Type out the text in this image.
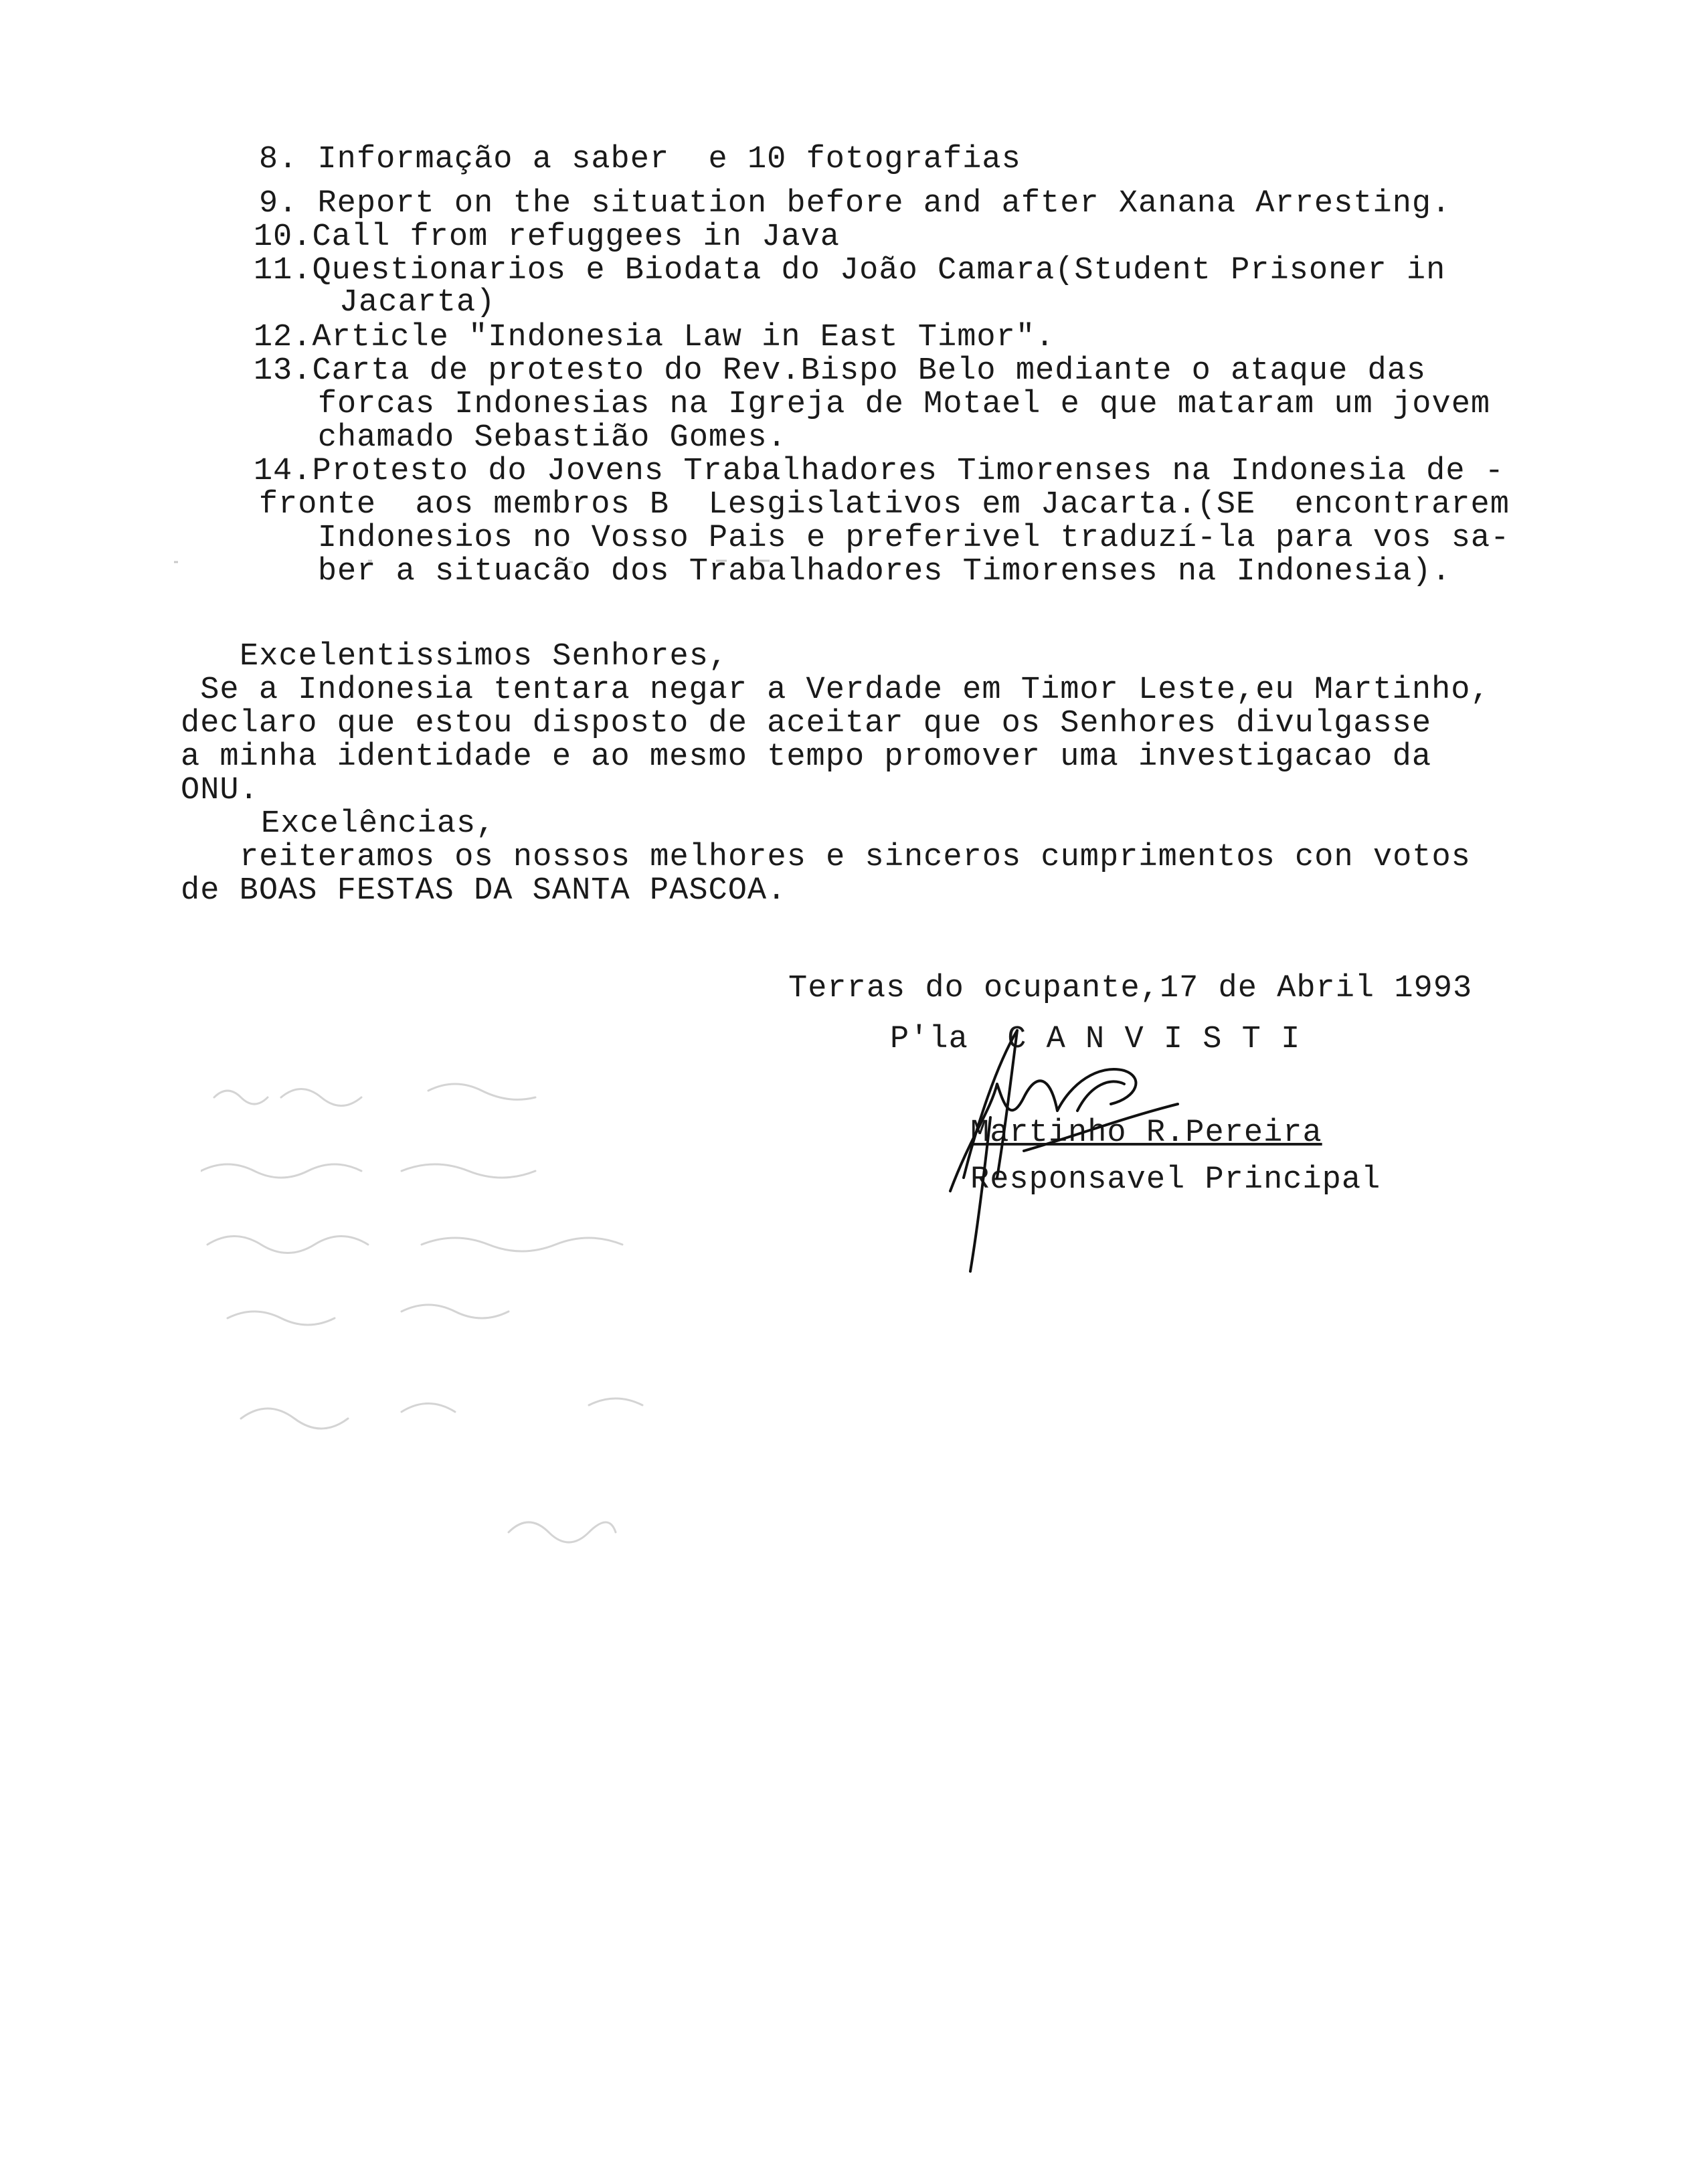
8. Informação a saber  e 10 fotografias

9. Report on the situation before and after Xanana Arresting.

10.Call from refuggees in Java

11.Questionarios e Biodata do João Camara(Student Prisoner in

Jacarta)

12.Article "Indonesia Law in East Timor".

13.Carta de protesto do Rev.Bispo Belo mediante o ataque das

forcas Indonesias na Igreja de Motael e que mataram um jovem

chamado Sebastião Gomes.

14.Protesto do Jovens Trabalhadores Timorenses na Indonesia de -

fronte  aos membros B  Lesgislativos em Jacarta.(SE  encontrarem

Indonesios no Vosso Pais e preferivel traduzí-la para vos sa-

ber a situacão dos Trabalhadores Timorenses na Indonesia).

Excelentissimos Senhores,
Se a Indonesia tentara negar a Verdade em Timor Leste,eu Martinho,
declaro que estou disposto de aceitar que os Senhores divulgasse
a minha identidade e ao mesmo tempo promover uma investigacao da
ONU.
Excelências,
reiteramos os nossos melhores e sinceros cumprimentos con votos
de BOAS FESTAS DA SANTA PASCOA.
Terras do ocupante,17 de Abril 1993
P'la  C A N V I S T I
Martinho R.Pereira
Responsavel Principal
